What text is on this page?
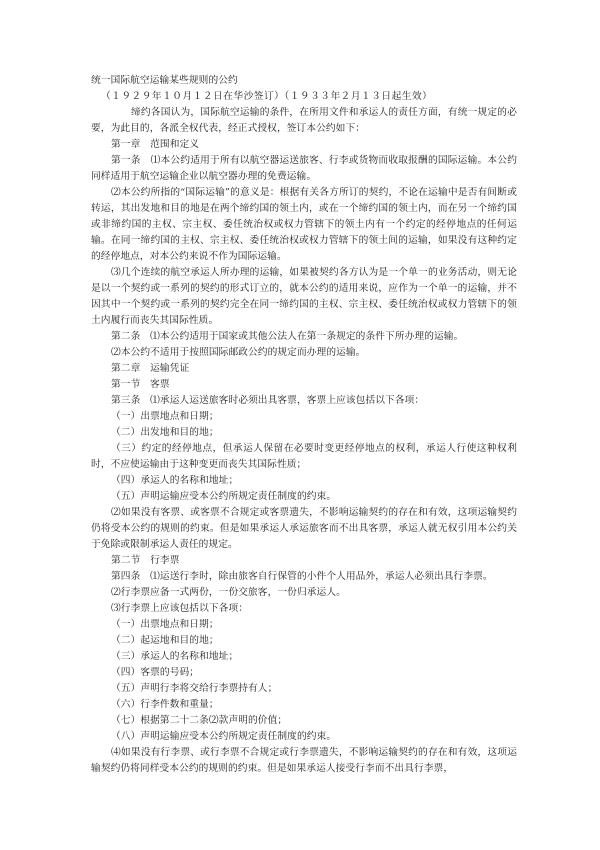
统一国际航空运输某些规则的公约
（１９２９年１０月１２日在华沙签订）（１９３３年２月１３日起生效）

缔约各国认为，国际航空运输的条件，在所用文件和承运人的责任方面，有统一规定的必要，为此目的，各派全权代表，经正式授权，签订本公约如下：

第一章　范围和定义

第一条　⑴本公约适用于所有以航空器运送旅客、行李或货物而收取报酬的国际运输。本公约同样适用于航空运输企业以航空器办理的免费运输。

⑵本公约所指的“国际运输”的意义是：根据有关各方所订的契约，不论在运输中是否有间断或转运，其出发地和目的地是在两个缔约国的领土内，或在一个缔约国的领土内，而在另一个缔约国或非缔约国的主权、宗主权、委任统治权或权力管辖下的领土内有一个约定的经停地点的任何运输。在同一缔约国的主权、宗主权、委任统治权或权力管辖下的领土间的运输，如果没有这种约定的经停地点，对本公约来说不作为国际运输。

⑶几个连续的航空承运人所办理的运输，如果被契约各方认为是一个单一的业务活动，则无论是以一个契约或一系列的契约的形式订立的，就本公约的适用来说，应作为一个单一的运输，并不因其中一个契约或一系列的契约完全在同一缔约国的主权、宗主权、委任统治权或权力管辖下的领土内履行而丧失其国际性质。

第二条　⑴本公约适用于国家或其他公法人在第一条规定的条件下所办理的运输。

⑵本公约不适用于按照国际邮政公约的规定而办理的运输。

第二章　运输凭证
第一节　客票

第三条　⑴承运人运送旅客时必须出具客票，客票上应该包括以下各项：

（一）出票地点和日期；
（二）出发地和目的地；

（三）约定的经停地点，但承运人保留在必要时变更经停地点的权利，承运人行使这种权利时，不应使运输由于这种变更而丧失其国际性质；

（四）承运人的名称和地址；
（五）声明运输应受本公约所规定责任制度的约束。

⑵如果没有客票、或客票不合规定或客票遗失，不影响运输契约的存在和有效，这项运输契约仍将受本公约的规则的约束。但是如果承运人承运旅客而不出具客票，承运人就无权引用本公约关于免除或限制承运人责任的规定。

第二节　行李票

第四条　⑴运送行李时，除由旅客自行保管的小件个人用品外，承运人必须出具行李票。

⑵行李票应备一式两份，一份交旅客，一份归承运人。

⑶行李票上应该包括以下各项：

（一）出票地点和日期；
（二）起运地和目的地；
（三）承运人的名称和地址；
（四）客票的号码；
（五）声明行李将交给行李票持有人；
（六）行李件数和重量；
（七）根据第二十二条⑵款声明的价值；
（八）声明运输应受本公约所规定责任制度的约束。

⑷如果没有行李票、或行李票不合规定或行李票遗失，不影响运输契约的存在和有效，这项运输契约仍将同样受本公约的规则的约束。但是如果承运人接受行李而不出具行李票，
